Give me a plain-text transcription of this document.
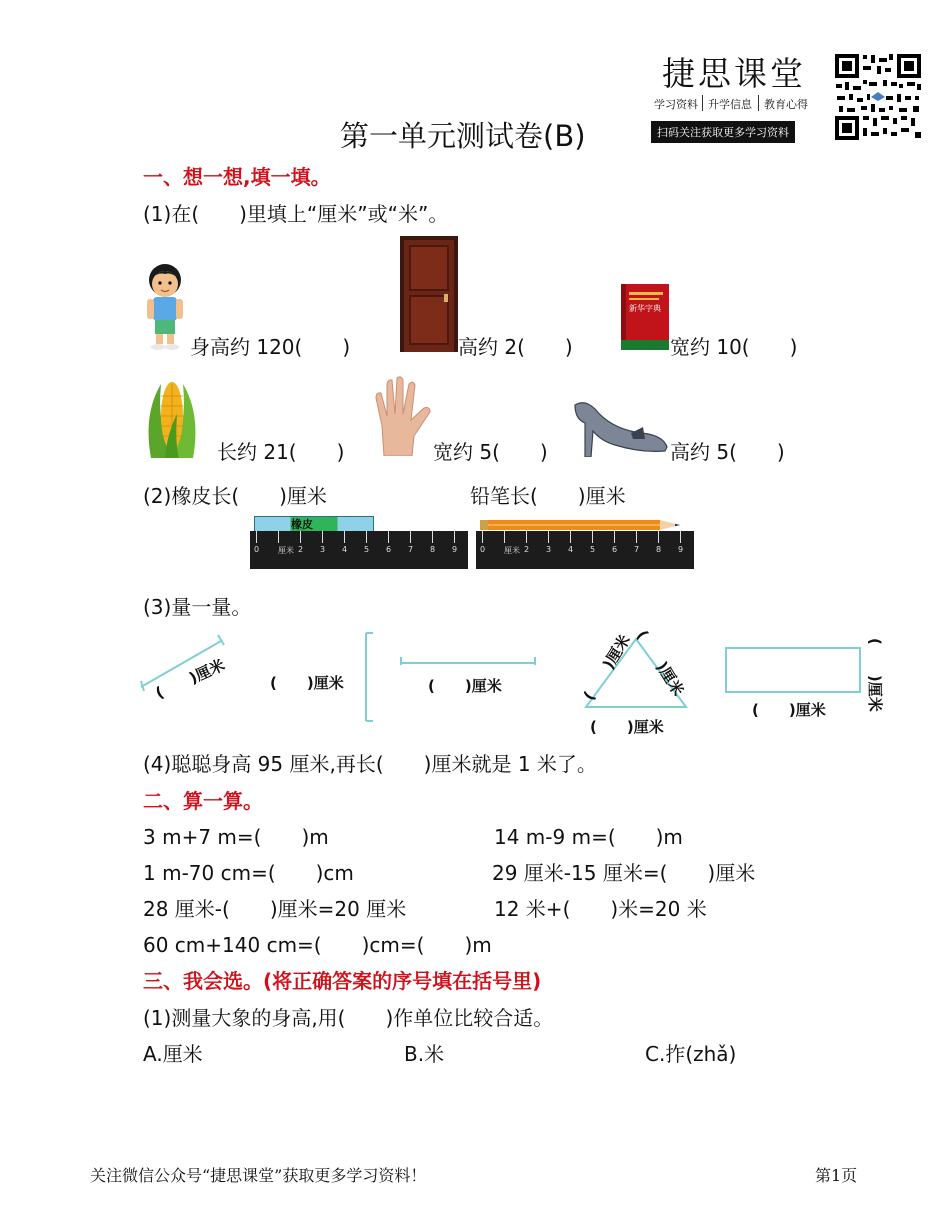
捷思课堂
学习资料 升学信息 教育心得
扫码关注获取更多学习资料
第一单元测试卷(B)
一、想一想,填一填。
(1)在(　　)里填上“厘米”或“米”。
身高约 120(　　)	高约 2(　　)
新华字典
宽约 10(　　)
长约 21(　　)	宽约 5(　　)	高约 5(　　)
(2)橡皮长(　　)厘米	铅笔长(　　)厘米
橡皮
0 厘米 2 3 4 5 6 7 8 9	0 厘米 2 3 4 5 6 7 8 9
(3)量一量。
(　　)厘米	(　　)厘米	(　　)厘米	(　　)厘米 (　　)厘米
(　　)厘米
(　　)厘米	(　　)厘米
(4)聪聪身高 95 厘米,再长(　　)厘米就是 1 米了。
二、算一算。
3 m+7 m=(　　)m	14 m-9 m=(　　)m
1 m-70 cm=(　　)cm	29 厘米-15 厘米=(　　)厘米
28 厘米-(　　)厘米=20 厘米	12 米+(　　)米=20 米
60 cm+140 cm=(　　)cm=(　　)m
三、我会选。(将正确答案的序号填在括号里)
(1)测量大象的身高,用(　　)作单位比较合适。
A.厘米	B.米	C.拃(zhǎ)
关注微信公众号“捷思课堂”获取更多学习资料！	第1页
